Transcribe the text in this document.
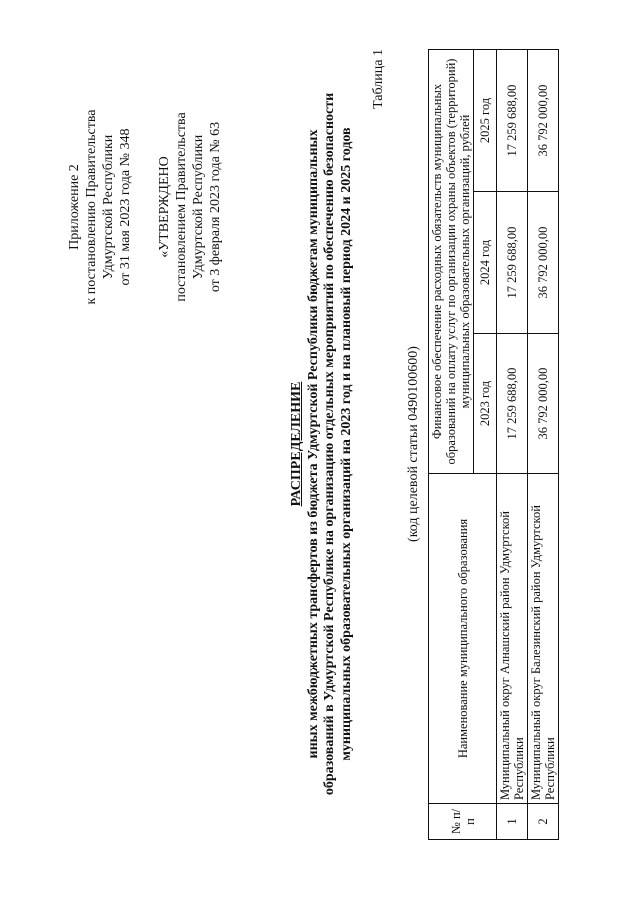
Приложение 2 к постановлению Правительства Удмуртской Республики от 31 мая 2023 года № 348 «УТВЕРЖДЕНО постановлением Правительства Удмуртской Республики от 3 февраля 2023 года № 63
РАСПРЕДЕЛЕНИЕ иных межбюджетных трансфертов из бюджета Удмуртской Республики бюджетам муниципальных образований в Удмуртской Республике на организацию отдельных мероприятий по обеспечению безопасности муниципальных образовательных организаций на 2023 год и на плановый период 2024 и 2025 годов
Таблица 1
(код целевой статьи 0490100600)
№ п/п	Наименование муниципального образования	Финансовое обеспечение расходных обязательств муниципальных образований на оплату услуг по организации охраны объектов (территорий) муниципальных образовательных организаций, рублей		
		2023 год	2024 год	2025 год
1	Муниципальный округ Алнашский район Удмуртской Республики	17 259 688,00	17 259 688,00	17 259 688,00
2	Муниципальный округ Балезинский район Удмуртской Республики	36 792 000,00	36 792 000,00	36 792 000,00
